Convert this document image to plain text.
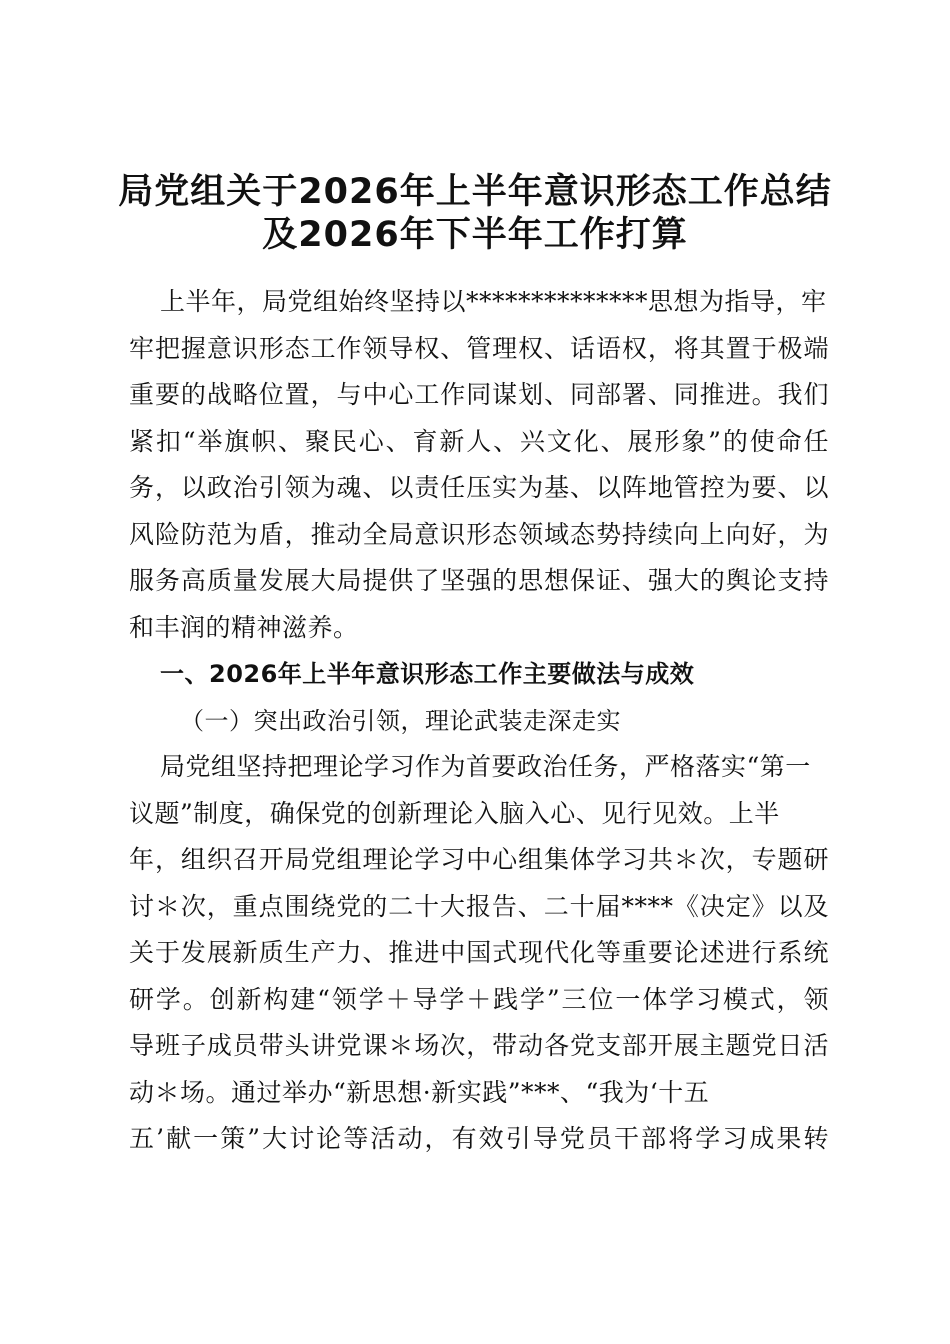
局党组关于2026年上半年意识形态工作总结
及2026年下半年工作打算
上半年，局党组始终坚持以**************思想为指导，牢
牢把握意识形态工作领导权、管理权、话语权，将其置于极端
重要的战略位置，与中心工作同谋划、同部署、同推进。我们
紧扣“举旗帜、聚民心、育新人、兴文化、展形象”的使命任
务，以政治引领为魂、以责任压实为基、以阵地管控为要、以
风险防范为盾，推动全局意识形态领域态势持续向上向好，为
服务高质量发展大局提供了坚强的思想保证、强大的舆论支持
和丰润的精神滋养。
一、2026年上半年意识形态工作主要做法与成效
（一）突出政治引领，理论武装走深走实
局党组坚持把理论学习作为首要政治任务，严格落实“第一
议题”制度，确保党的创新理论入脑入心、见行见效。上半
年，组织召开局党组理论学习中心组集体学习共＊次，专题研
讨＊次，重点围绕党的二十大报告、二十届****《决定》以及
关于发展新质生产力、推进中国式现代化等重要论述进行系统
研学。创新构建“领学＋导学＋践学”三位一体学习模式，领
导班子成员带头讲党课＊场次，带动各党支部开展主题党日活
动＊场。通过举办“新思想·新实践”***、“我为‘十五
五’献一策”大讨论等活动，有效引导党员干部将学习成果转
